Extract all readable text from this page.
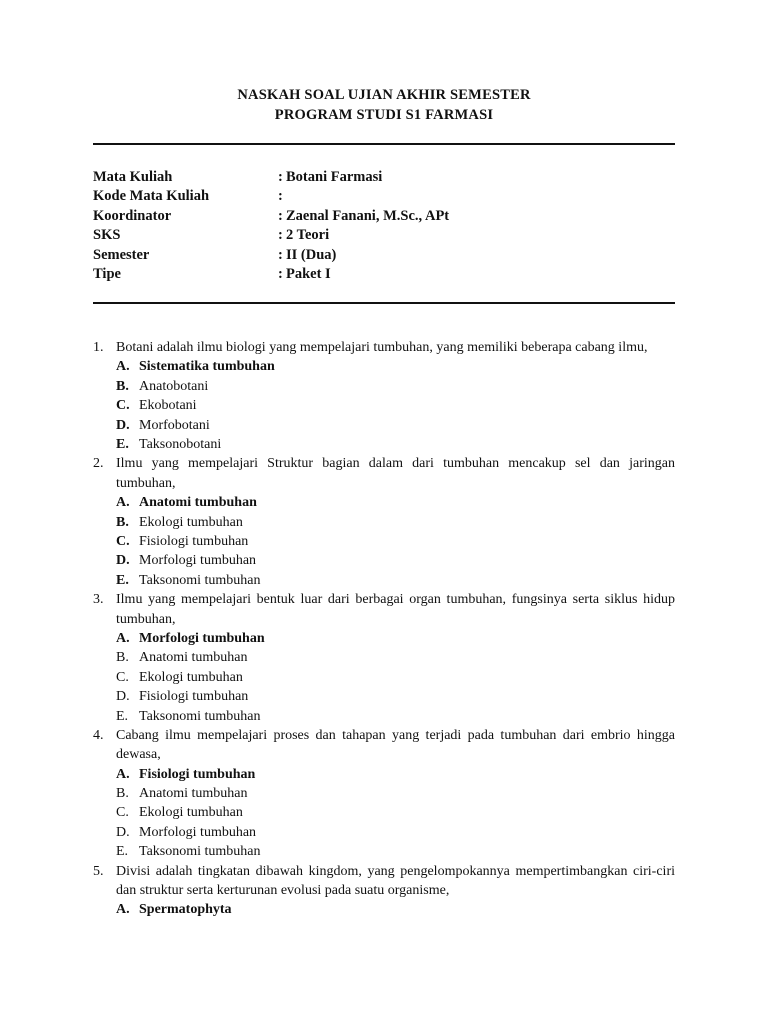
NASKAH SOAL UJIAN AKHIR SEMESTER
PROGRAM STUDI S1 FARMASI
Mata Kuliah	: Botani Farmasi
Kode Mata Kuliah	:
Koordinator	: Zaenal Fanani, M.Sc., APt
SKS	: 2 Teori
Semester	: II (Dua)
Tipe	: Paket I
1. Botani adalah ilmu biologi yang mempelajari tumbuhan, yang memiliki beberapa cabang ilmu,
A. Sistematika tumbuhan
B. Anatobotani
C. Ekobotani
D. Morfobotani
E. Taksonobotani
2. Ilmu yang mempelajari Struktur bagian dalam dari tumbuhan mencakup sel dan jaringan tumbuhan,
A. Anatomi tumbuhan
B. Ekologi tumbuhan
C. Fisiologi tumbuhan
D. Morfologi tumbuhan
E. Taksonomi tumbuhan
3. Ilmu yang mempelajari bentuk luar dari berbagai organ tumbuhan, fungsinya serta siklus hidup tumbuhan,
A. Morfologi tumbuhan
B. Anatomi tumbuhan
C. Ekologi tumbuhan
D. Fisiologi tumbuhan
E. Taksonomi tumbuhan
4. Cabang ilmu mempelajari proses dan tahapan yang terjadi pada tumbuhan dari embrio hingga dewasa,
A. Fisiologi tumbuhan
B. Anatomi tumbuhan
C. Ekologi tumbuhan
D. Morfologi tumbuhan
E. Taksonomi tumbuhan
5. Divisi adalah tingkatan dibawah kingdom, yang pengelompokannya mempertimbangkan ciri-ciri dan struktur serta kerturunan evolusi pada suatu organisme,
A. Spermatophyta
